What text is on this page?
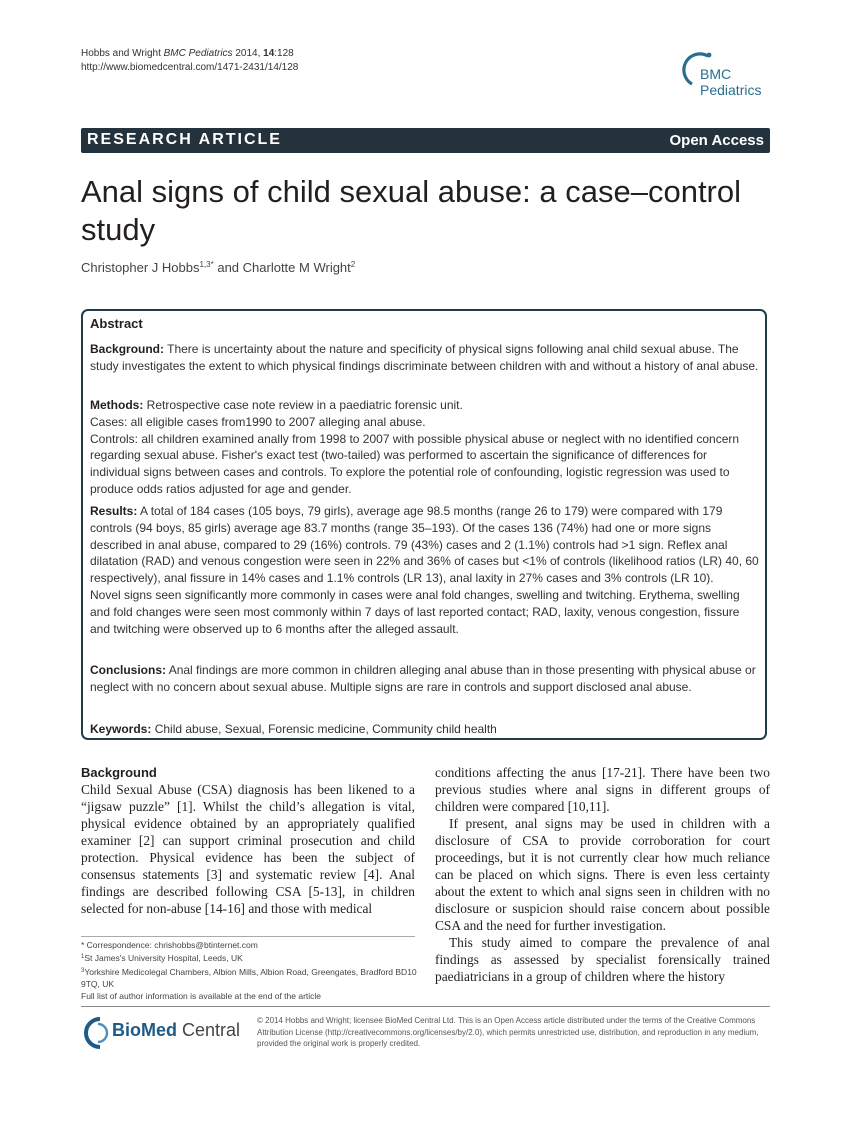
Hobbs and Wright BMC Pediatrics 2014, 14:128
http://www.biomedcentral.com/1471-2431/14/128	BMC
Pediatrics
RESEARCH ARTICLE	Open Access
Anal signs of child sexual abuse: a case–control study
Christopher J Hobbs$^{1,3*}$ and Charlotte M Wright$^2$
Abstract

Background: There is uncertainty about the nature and specificity of physical signs following anal child sexual abuse. The study investigates the extent to which physical findings discriminate between children with and without a history of anal abuse.

Methods: Retrospective case note review in a paediatric forensic unit.

Cases: all eligible cases from1990 to 2007 alleging anal abuse.

Controls: all children examined anally from 1998 to 2007 with possible physical abuse or neglect with no identified concern regarding sexual abuse. Fisher's exact test (two-tailed) was performed to ascertain the significance of differences for individual signs between cases and controls. To explore the potential role of confounding, logistic regression was used to produce odds ratios adjusted for age and gender.

Results: A total of 184 cases (105 boys, 79 girls), average age 98.5 months (range 26 to 179) were compared with 179 controls (94 boys, 85 girls) average age 83.7 months (range 35–193). Of the cases 136 (74%) had one or more signs described in anal abuse, compared to 29 (16%) controls. 79 (43%) cases and 2 (1.1%) controls had >1 sign. Reflex anal dilatation (RAD) and venous congestion were seen in 22% and 36% of cases but <1% of controls (likelihood ratios (LR) 40, 60 respectively), anal fissure in 14% cases and 1.1% controls (LR 13), anal laxity in 27% cases and 3% controls (LR 10).

Novel signs seen significantly more commonly in cases were anal fold changes, swelling and twitching. Erythema, swelling and fold changes were seen most commonly within 7 days of last reported contact; RAD, laxity, venous congestion, fissure and twitching were observed up to 6 months after the alleged assault.

Conclusions: Anal findings are more common in children alleging anal abuse than in those presenting with physical abuse or neglect with no concern about sexual abuse. Multiple signs are rare in controls and support disclosed anal abuse.

Keywords: Child abuse, Sexual, Forensic medicine, Community child health

Background

Child Sexual Abuse (CSA) diagnosis has been likened to a “jigsaw puzzle” [1]. Whilst the child’s allegation is vital, physical evidence obtained by an appropriately qualified examiner [2] can support criminal prosecution and child protection. Physical evidence has been the subject of consensus statements [3] and systematic review [4]. Anal findings are described following CSA [5-13], in children selected for non-abuse [14-16] and those with medical

conditions affecting the anus [17-21]. There have been two previous studies where anal signs in different groups of children were compared [10,11].

If present, anal signs may be used in children with a disclosure of CSA to provide corroboration for court proceedings, but it is not currently clear how much reliance can be placed on which signs. There is even less certainty about the extent to which anal signs seen in children with no disclosure or suspicion should raise concern about possible CSA and the need for further investigation.

This study aimed to compare the prevalence of anal findings as assessed by specialist forensically trained paediatricians in a group of children where the history

* Correspondence: chrishobbs@btinternet.com
$^1$St James's University Hospital, Leeds, UK
$^3$Yorkshire Medicolegal Chambers, Albion Mills, Albion Road, Greengates, Bradford BD10 9TQ, UK
Full list of author information is available at the end of the article
BioMed Central © 2014 Hobbs and Wright; licensee BioMed Central Ltd. This is an Open Access article distributed under the terms of the Creative Commons Attribution License (http://creativecommons.org/licenses/by/2.0), which permits unrestricted use, distribution, and reproduction in any medium, provided the original work is properly credited.
